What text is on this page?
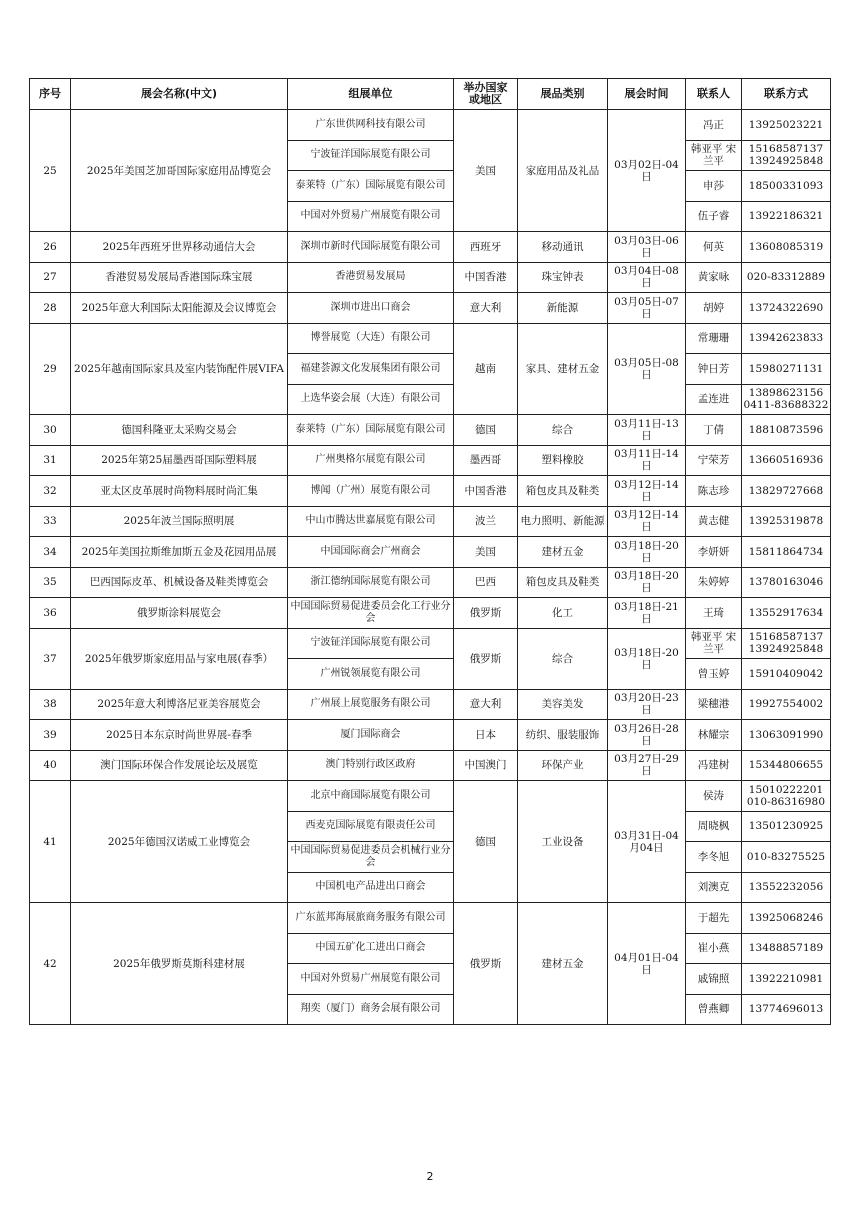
序号	展会名称(中文)	组展单位	举办国家
或地区	展品类别	展会时间	联系人	联系方式
25	2025年美国芝加哥国际家庭用品博览会	广东世供网科技有限公司	美国	家庭用品及礼品	03月02日-04日	冯正	13925023221
		宁波钲洋国际展览有限公司				韩亚平 宋兰平	15168587137 13924925848
		泰莱特（广东）国际展览有限公司				申莎	18500331093
		中国对外贸易广州展览有限公司				伍子睿	13922186321
26	2025年西班牙世界移动通信大会	深圳市新时代国际展览有限公司	西班牙	移动通讯	03月03日-06日	何英	13608085319
27	香港贸易发展局香港国际珠宝展	香港贸易发展局	中国香港	珠宝钟表	03月04日-08日	黄家咏	020-83312889
28	2025年意大利国际太阳能源及会议博览会	深圳市进出口商会	意大利	新能源	03月05日-07日	胡婷	13724322690
29	2025年越南国际家具及室内装饰配件展VIFA	博誉展览（大连）有限公司	越南	家具、建材五金	03月05日-08日	常珊珊	13942623833
		福建荟源文化发展集团有限公司				钟日芳	15980271131
		上选华姿会展（大连）有限公司				孟连进	13898623156 0411-83688322
30	德国科隆亚太采购交易会	泰莱特（广东）国际展览有限公司	德国	综合	03月11日-13日	丁倩	18810873596
31	2025年第25届墨西哥国际塑料展	广州奥格尔展览有限公司	墨西哥	塑料橡胶	03月11日-14日	宁荣芳	13660516936
32	亚太区皮革展时尚物料展时尚汇集	博闻（广州）展览有限公司	中国香港	箱包皮具及鞋类	03月12日-14日	陈志珍	13829727668
33	2025年波兰国际照明展	中山市腾达世嘉展览有限公司	波兰	电力照明、新能源	03月12日-14日	黄志健	13925319878
34	2025年美国拉斯维加斯五金及花园用品展	中国国际商会广州商会	美国	建材五金	03月18日-20日	李妍妍	15811864734
35	巴西国际皮革、机械设备及鞋类博览会	浙江德纳国际展览有限公司	巴西	箱包皮具及鞋类	03月18日-20日	朱婷婷	13780163046
36	俄罗斯涂料展览会	中国国际贸易促进委员会化工行业分会	俄罗斯	化工	03月18日-21日	王琦	13552917634
37	2025年俄罗斯家庭用品与家电展(春季）	宁波钲洋国际展览有限公司	俄罗斯	综合	03月18日-20日	韩亚平 宋兰平	15168587137 13924925848
		广州锐领展览有限公司				曾玉婷	15910409042
38	2025年意大利博洛尼亚美容展览会	广州展上展览服务有限公司	意大利	美容美发	03月20日-23日	梁穗港	19927554002
39	2025日本东京时尚世界展-春季	厦门国际商会	日本	纺织、服装服饰	03月26日-28日	林耀宗	13063091990
40	澳门国际环保合作发展论坛及展览	澳门特别行政区政府	中国澳门	环保产业	03月27日-29日	冯建树	15344806655
41	2025年德国汉诺威工业博览会	北京中商国际展览有限公司	德国	工业设备	03月31日-04月04日	侯涛	15010222201 010-86316980
		西麦克国际展览有限责任公司				周晓枫	13501230925
		中国国际贸易促进委员会机械行业分会				李冬旭	010-83275525
		中国机电产品进出口商会				刘澳克	13552232056
42	2025年俄罗斯莫斯科建材展	广东蓝邦海展旅商务服务有限公司	俄罗斯	建材五金	04月01日-04日	于超先	13925068246
		中国五矿化工进出口商会				崔小燕	13488857189
		中国对外贸易广州展览有限公司				戚锦照	13922210981
		翔奕（厦门）商务会展有限公司				曾燕卿	13774696013
2
